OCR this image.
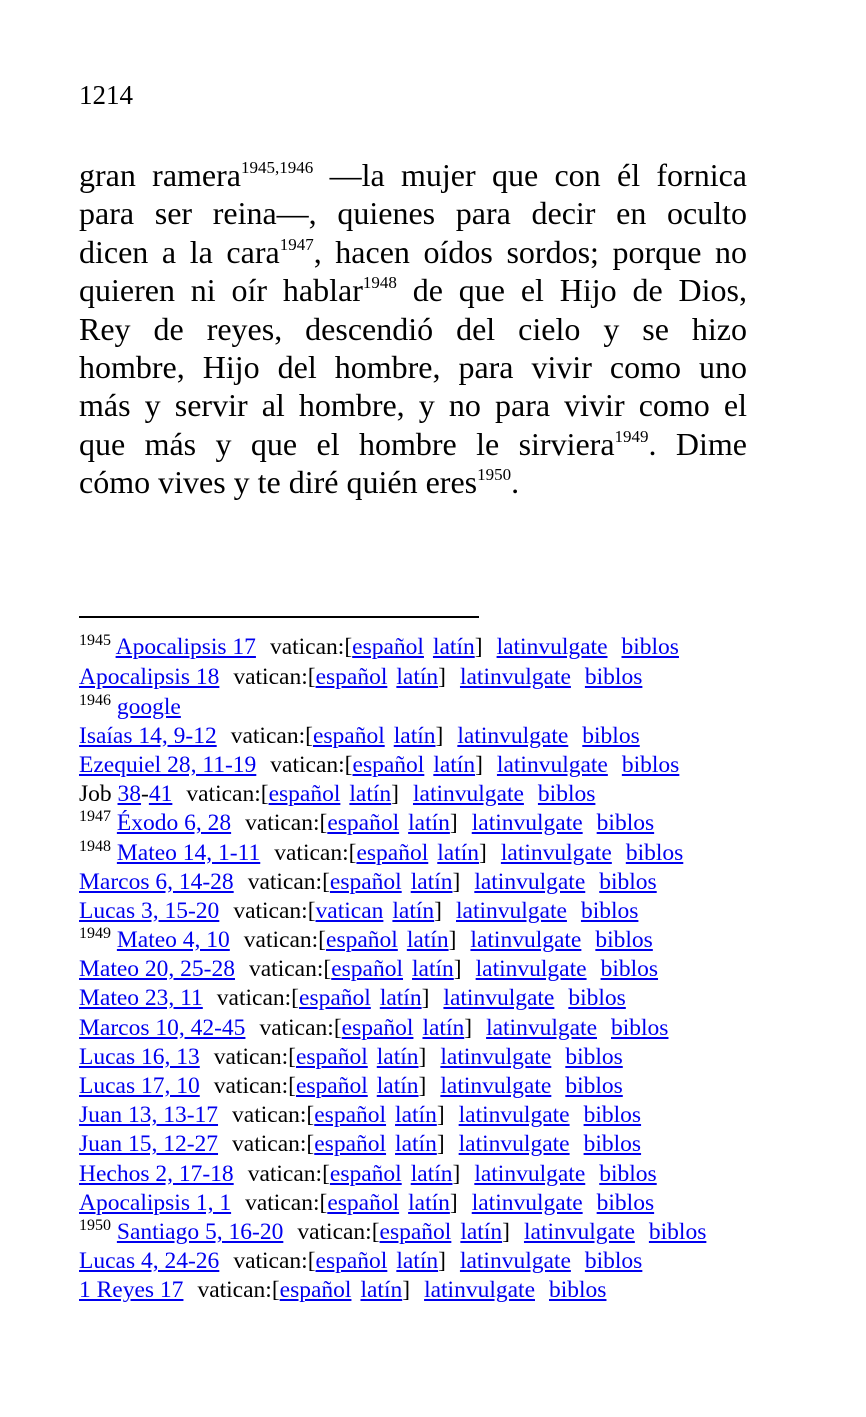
1214
gran ramera$^{1945,1946}$ —la mujer que con él fornica
para ser reina—, quienes para decir en oculto
dicen a la cara$^{1947}$, hacen oídos sordos; porque no
quieren ni oír hablar$^{1948}$ de que el Hijo de Dios,
Rey de reyes, descendió del cielo y se hizo
hombre, Hijo del hombre, para vivir como uno
más y servir al hombre, y no para vivir como el
que más y que el hombre le sirviera$^{1949}$. Dime
cómo vives y te diré quién eres$^{1950}$.
$^{1945}$ Apocalipsis 17 vatican:[español latín] latinvulgate biblos
Apocalipsis 18 vatican:[español latín] latinvulgate biblos
$^{1946}$ google
Isaías 14, 9-12 vatican:[español latín] latinvulgate biblos
Ezequiel 28, 11-19 vatican:[español latín] latinvulgate biblos
Job 38-41 vatican:[español latín] latinvulgate biblos
$^{1947}$ Éxodo 6, 28 vatican:[español latín] latinvulgate biblos
$^{1948}$ Mateo 14, 1-11 vatican:[español latín] latinvulgate biblos
Marcos 6, 14-28 vatican:[español latín] latinvulgate biblos
Lucas 3, 15-20 vatican:[vatican latín] latinvulgate biblos
$^{1949}$ Mateo 4, 10 vatican:[español latín] latinvulgate biblos
Mateo 20, 25-28 vatican:[español latín] latinvulgate biblos
Mateo 23, 11 vatican:[español latín] latinvulgate biblos
Marcos 10, 42-45 vatican:[español latín] latinvulgate biblos
Lucas 16, 13 vatican:[español latín] latinvulgate biblos
Lucas 17, 10 vatican:[español latín] latinvulgate biblos
Juan 13, 13-17 vatican:[español latín] latinvulgate biblos
Juan 15, 12-27 vatican:[español latín] latinvulgate biblos
Hechos 2, 17-18 vatican:[español latín] latinvulgate biblos
Apocalipsis 1, 1 vatican:[español latín] latinvulgate biblos
$^{1950}$ Santiago 5, 16-20 vatican:[español latín] latinvulgate biblos
Lucas 4, 24-26 vatican:[español latín] latinvulgate biblos
1 Reyes 17 vatican:[español latín] latinvulgate biblos
